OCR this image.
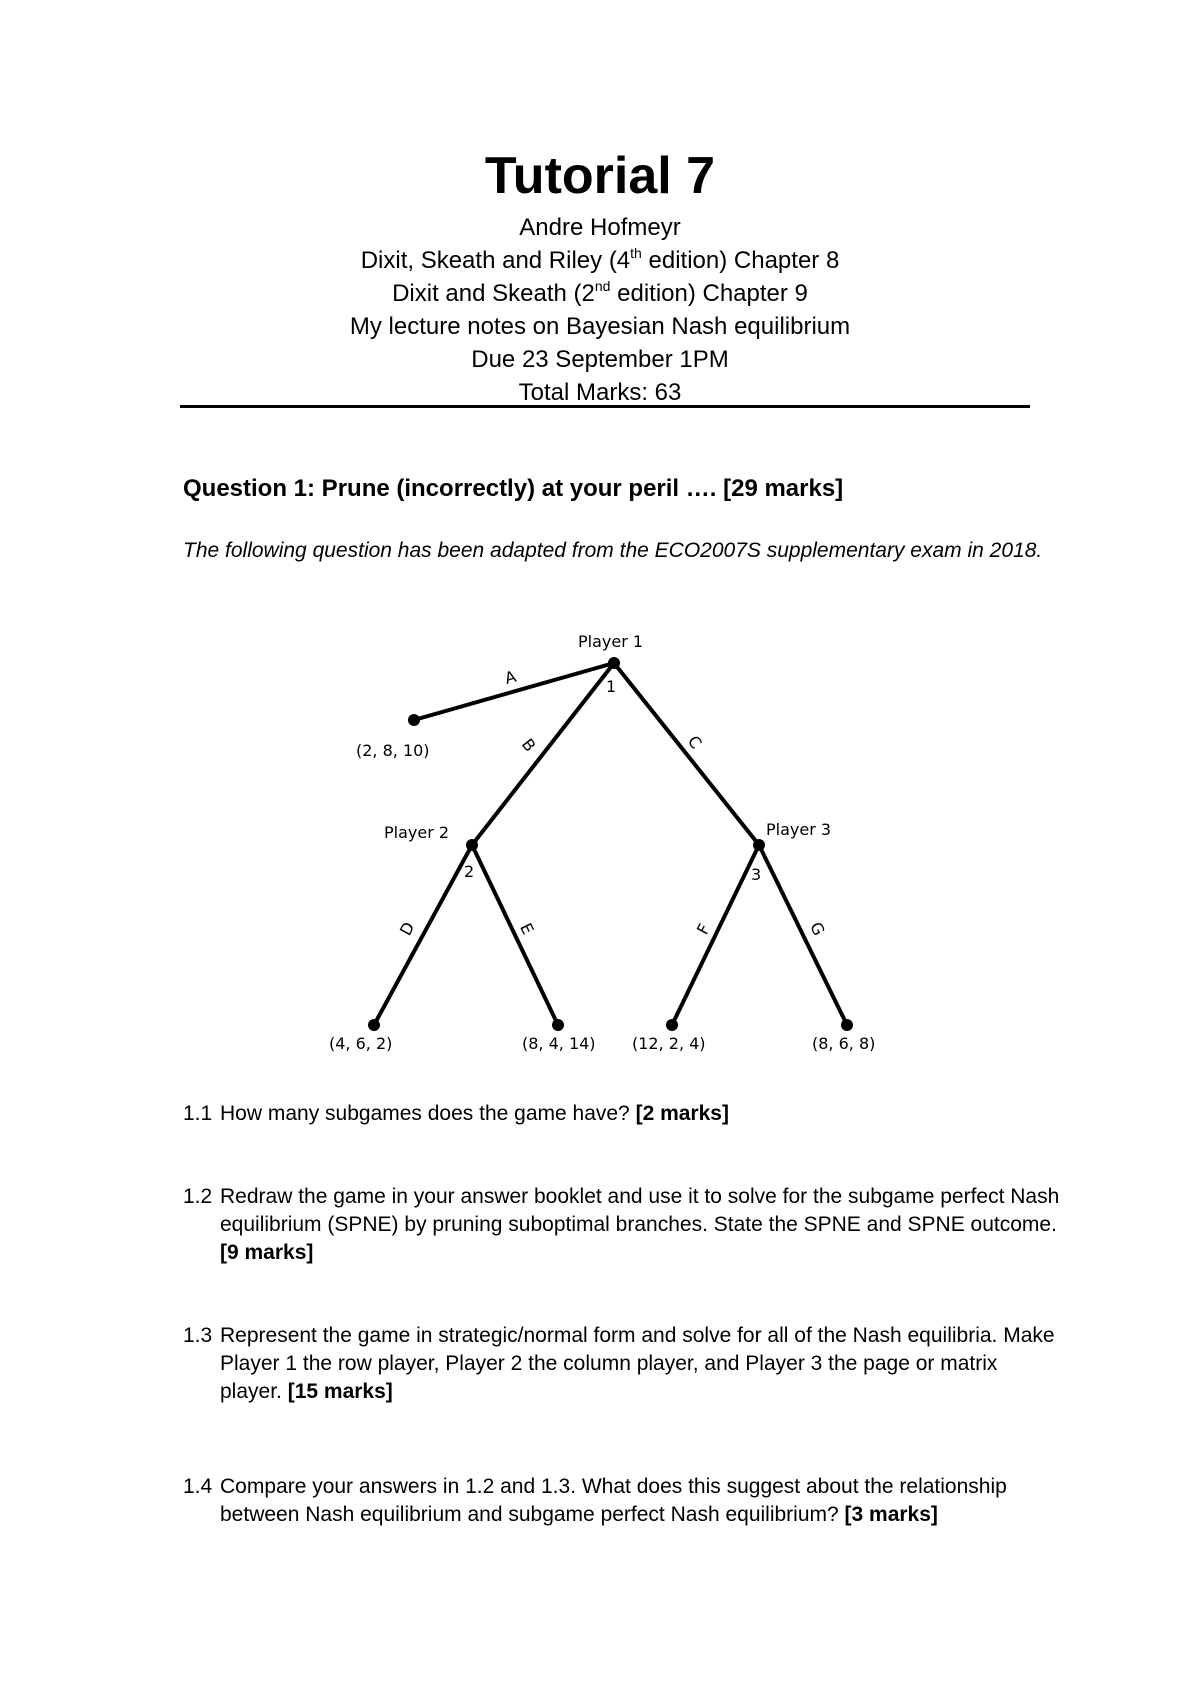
Tutorial 7
Andre Hofmeyr
Dixit, Skeath and Riley (4th edition) Chapter 8
Dixit and Skeath (2nd edition) Chapter 9
My lecture notes on Bayesian Nash equilibrium
Due 23 September 1PM
Total Marks: 63
Question 1: Prune (incorrectly) at your peril …. [29 marks]
The following question has been adapted from the ECO2007S supplementary exam in 2018.
Player 1
1
Player 2
2
Player 3
3
A
B	C
D	E	F	G
(2, 8, 10)
(4, 6, 2)	(8, 4, 14) (12, 2, 4)	(8, 6, 8)
1.1 How many subgames does the game have? [2 marks]
1.2 Redraw the game in your answer booklet and use it to solve for the subgame perfect Nash equilibrium (SPNE) by pruning suboptimal branches. State the SPNE and SPNE outcome. [9 marks]
1.3 Represent the game in strategic/normal form and solve for all of the Nash equilibria. Make Player 1 the row player, Player 2 the column player, and Player 3 the page or matrix player. [15 marks]
1.4 Compare your answers in 1.2 and 1.3. What does this suggest about the relationship between Nash equilibrium and subgame perfect Nash equilibrium? [3 marks]
